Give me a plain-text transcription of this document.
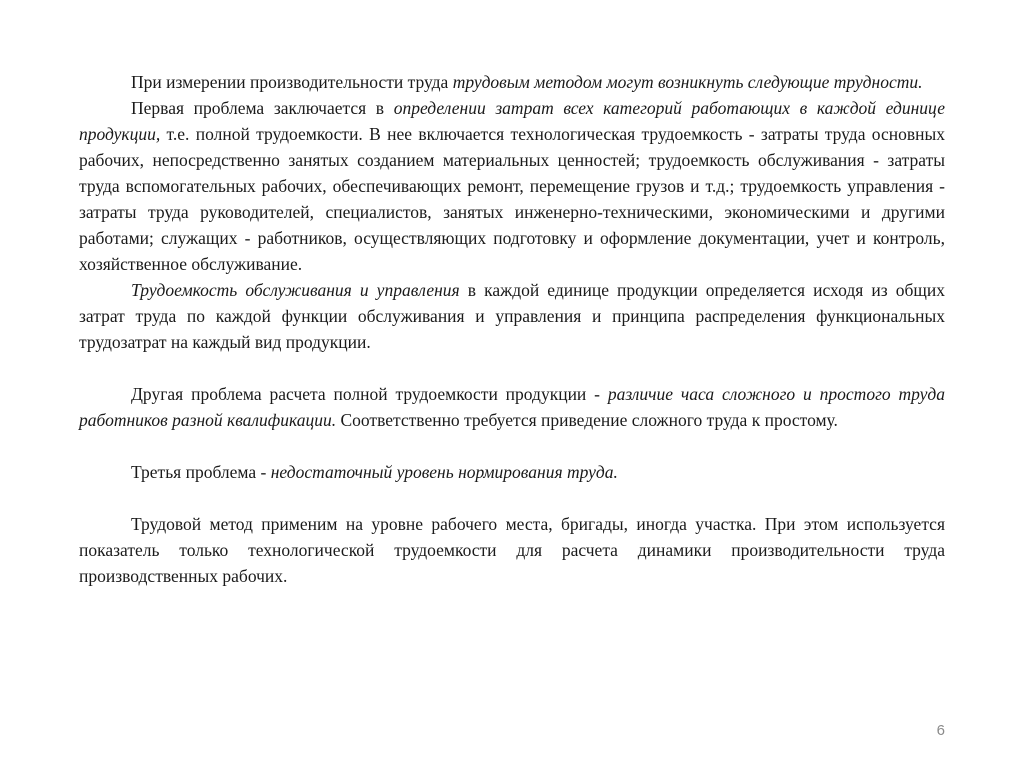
При измерении производительности труда трудовым методом могут возникнуть следующие трудности.

Первая проблема заключается в определении затрат всех категорий работающих в каждой единице продукции, т.е. полной трудоемкости. В нее включается технологическая трудоемкость - затраты труда основных рабочих, непосредственно занятых созданием материальных ценностей; трудоемкость обслуживания - затраты труда вспомогательных рабочих, обеспечивающих ремонт, перемещение грузов и т.д.; трудоемкость управления - затраты труда руководителей, специалистов, занятых инженерно-техническими, экономическими и другими работами; служащих - работников, осуществляющих подготовку и оформление документации, учет и контроль, хозяйственное обслуживание.

Трудоемкость обслуживания и управления в каждой единице продукции определяется исходя из общих затрат труда по каждой функции обслуживания и управления и принципа распределения функциональных трудозатрат на каждый вид продукции.

Другая проблема расчета полной трудоемкости продукции - различие часа сложного и простого труда работников разной квалификации. Соответственно требуется приведение сложного труда к простому.

Третья проблема - недостаточный уровень нормирования труда.

Трудовой метод применим на уровне рабочего места, бригады, иногда участка. При этом используется показатель только технологической трудоемкости для расчета динамики производительности труда производственных рабочих.

6
